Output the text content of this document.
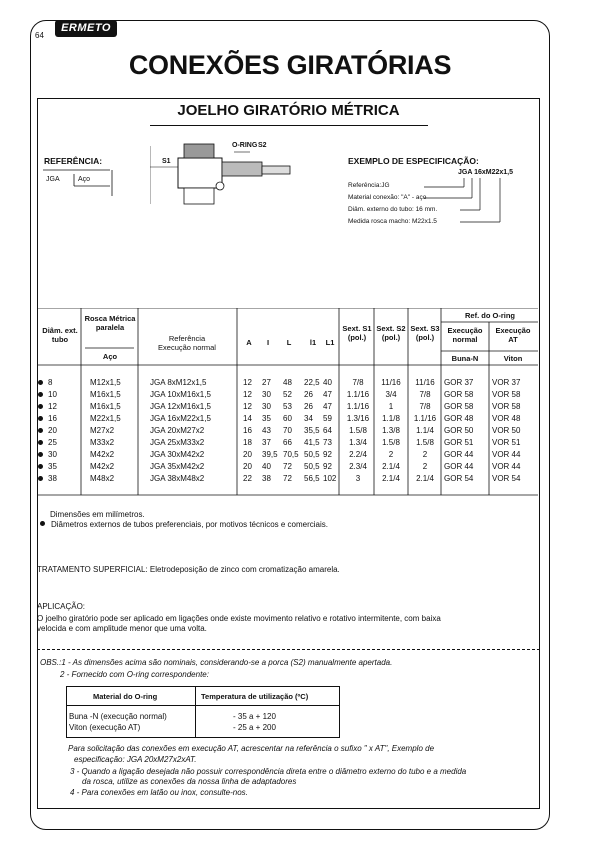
64
ERMETO
CONEXÕES GIRATÓRIAS
JOELHO GIRATÓRIO MÉTRICA
REFERÊNCIA:
JGA	Aço
S1
O-RING S2
EXEMPLO DE ESPECIFICAÇÃO:
JGA 16xM22x1,5
Referência:JG
Material conexão: "A" - aço
Diâm. externo do tubo: 16 mm.
Medida rosca macho: M22x1.5
Diâm. ext. tubo
Rosca Métrica paralela
Aço
Referência Execução normal
A	I	L	l1	L1
Sext. S1 (pol.)
Sext. S2 (pol.)
Sext. S3 (pol.)
Ref. do O-ring
Execução normal
Execução AT
Buna-N	Viton
8	M12x1,5	JGA 8xM12x1,5	12 27 48 22,5 40	7/8	11/16	11/16	GOR 37 VOR 37
10	M16x1,5	JGA 10xM16x1,5	12 30 52 26 47	1.1/16	3/4	7/8	GOR 58 VOR 58
12	M16x1,5	JGA 12xM16x1,5	12 30 53 26 47	1.1/16	1	7/8	GOR 58 VOR 58
16	M22x1,5	JGA 16xM22x1,5	14 35 60 34 59	1.3/16	1.1/8	1.1/16 GOR 48 VOR 48
20	M27x2	JGA 20xM27x2	16 43 70 35,5 64	1.5/8	1.3/8	1.1/4	GOR 50 VOR 50
25	M33x2	JGA 25xM33x2	18 37 66 41,5 73	1.3/4	1.5/8	1.5/8	GOR 51 VOR 51
30	M42x2	JGA 30xM42x2	20 39,5 70,5 50,5 92	2.2/4	2	2	GOR 44 VOR 44
35	M42x2	JGA 35xM42x2	20 40 72 50,5 92	2.3/4	2.1/4	2	GOR 44 VOR 44
38	M48x2	JGA 38xM48x2	22 38 72 56,5 102	3	2.1/4	2.1/4	GOR 54 VOR 54
Dimensões em milímetros.
Diâmetros externos de tubos preferenciais, por motivos técnicos e comerciais.
TRATAMENTO SUPERFICIAL: Eletrodeposição de zinco com cromatização amarela.
APLICAÇÃO:
O joelho giratório pode ser aplicado em ligações onde existe movimento relativo e rotativo intermitente, com baixa
velocida e com amplitude menor que uma volta.
OBS.:1 - As dimensões acima são nominais, considerando-se a porca (S2) manualmente apertada.
2 - Fornecido com O-ring correspondente:
Material do O-ring	Temperatura de utilização (ºC)
Buna -N (execução normal)	- 35 a + 120
Viton (execução AT)	- 25 a + 200
Para solicitação das conexões em execução AT, acrescentar na referência o sufixo " x AT", Exemplo de
especificação: JGA 20xM27x2xAT.
3 - Quando a ligação desejada não possuir correspondência direta entre o diâmetro externo do tubo e a medida
da rosca, utilize as conexões da nossa linha de adaptadores
4 - Para conexões em latão ou inox, consulte-nos.
